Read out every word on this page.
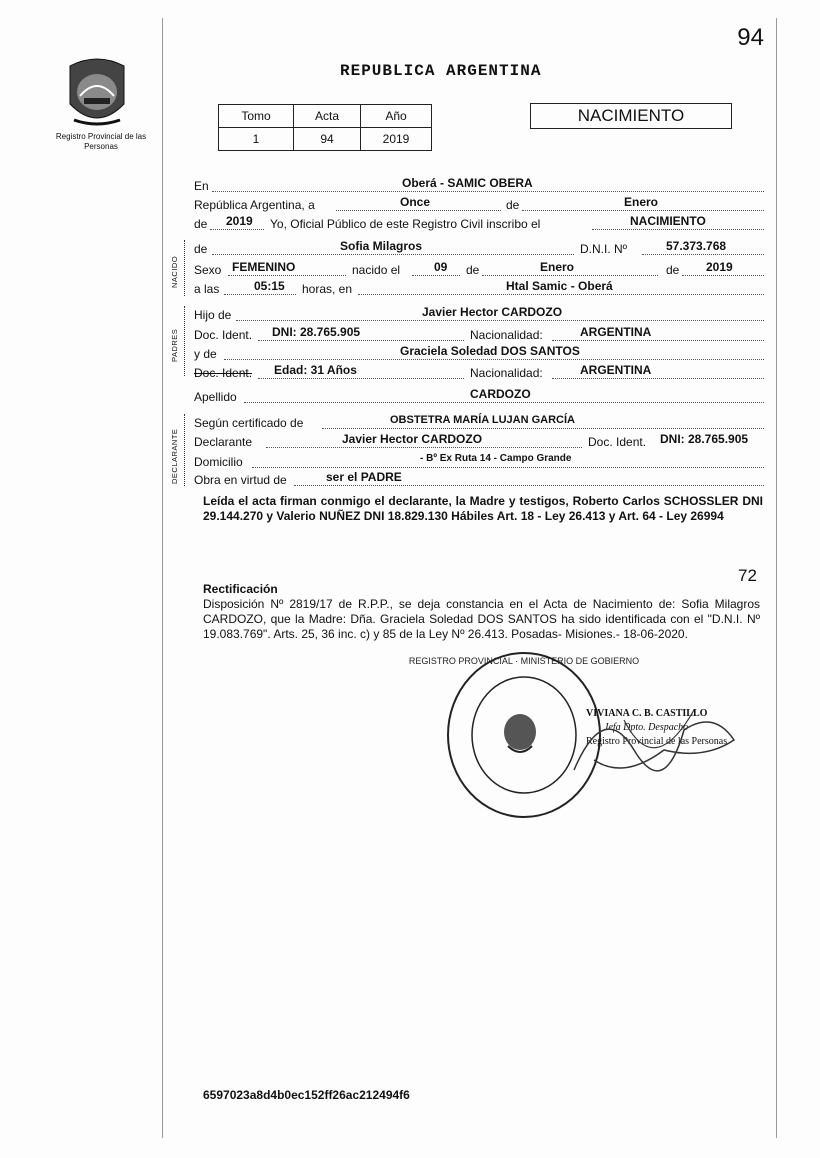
94
Registro Provincial de las Personas
REPUBLICA ARGENTINA
Tomo	Acta	Año
1	94	2019
NACIMIENTO
En	Oberá - SAMIC OBERA
República Argentina, a	Once	de	Enero
de 2019 Yo, Oficial Público de este Registro Civil inscribo el	NACIMIENTO
NACIDO
de	Sofia Milagros	D.N.I. Nº	57.373.768
Sexo FEMENINO	nacido el	09 de	Enero	de 2019
a las	05:15 horas, en	Htal Samic - Oberá
PADRES
Hijo de	Javier Hector CARDOZO
Doc. Ident. DNI: 28.765.905	Nacionalidad:	ARGENTINA
y de	Graciela Soledad DOS SANTOS
Doc. Ident. Edad: 31 Años	Nacionalidad:	ARGENTINA
Apellido	CARDOZO
DECLARANTE
Según certificado de	OBSTETRA MARÍA LUJAN GARCÍA
Declarante	Javier Hector CARDOZO	Doc. Ident. DNI: 28.765.905
Domicilio	- Bº Ex Ruta 14 - Campo Grande
Obra en virtud de	ser el PADRE
Leída el acta firman conmigo el declarante, la Madre y testigos, Roberto Carlos SCHOSSLER DNI 29.144.270 y Valerio NUÑEZ DNI 18.829.130 Hábiles Art. 18 - Ley 26.413 y Art. 64 - Ley 26994
72
Rectificación
Disposición Nº 2819/17 de R.P.P., se deja constancia en el Acta de Nacimiento de: Sofia Milagros CARDOZO, que la Madre: Dña. Graciela Soledad DOS SANTOS ha sido identificada con el "D.N.I. Nº 19.083.769". Arts. 25, 36 inc. c) y 85 de la Ley Nº 26.413. Posadas- Misiones.- 18-06-2020.
REGISTRO PROVINCIAL · MINISTERIO DE GOBIERNO
VIVIANA C. B. CASTILLO
Jefa Dpto. Despacho
Registro Provincial de las Personas
6597023a8d4b0ec152ff26ac212494f6
